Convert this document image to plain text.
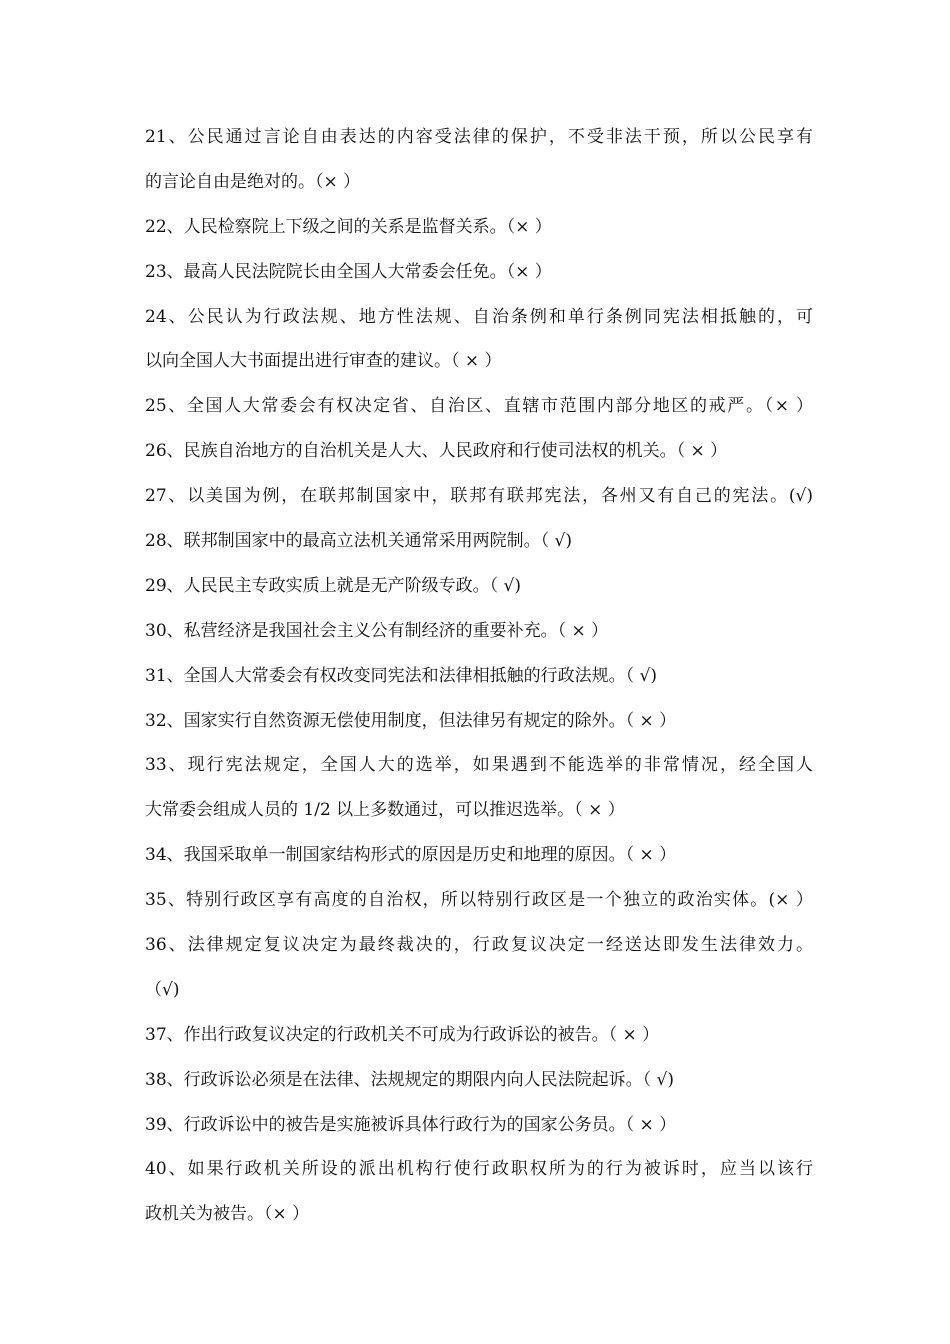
21、公民通过言论自由表达的内容受法律的保护，不受非法干预，所以公民享有
的言论自由是绝对的。（× ）
22、人民检察院上下级之间的关系是监督关系。（× ）
23、最高人民法院院长由全国人大常委会任免。（× ）
24、公民认为行政法规、地方性法规、自治条例和单行条例同宪法相抵触的，可
以向全国人大书面提出进行审查的建议。（ × ）
25、全国人大常委会有权决定省、自治区、直辖市范围内部分地区的戒严。（× ）
26、民族自治地方的自治机关是人大、人民政府和行使司法权的机关。（ × ）
27、以美国为例，在联邦制国家中，联邦有联邦宪法，各州又有自己的宪法。(√)
28、联邦制国家中的最高立法机关通常采用两院制。（ √)
29、人民民主专政实质上就是无产阶级专政。（ √)
30、私营经济是我国社会主义公有制经济的重要补充。（ × ）
31、全国人大常委会有权改变同宪法和法律相抵触的行政法规。（ √)
32、国家实行自然资源无偿使用制度，但法律另有规定的除外。（ × ）
33、现行宪法规定，全国人大的选举，如果遇到不能选举的非常情况，经全国人
大常委会组成人员的 1/2 以上多数通过，可以推迟选举。（ × ）
34、我国采取单一制国家结构形式的原因是历史和地理的原因。（ × ）
35、特别行政区享有高度的自治权，所以特别行政区是一个独立的政治实体。(× ）
36、法律规定复议决定为最终裁决的，行政复议决定一经送达即发生法律效力。
（√)
37、作出行政复议决定的行政机关不可成为行政诉讼的被告。（ × ）
38、行政诉讼必须是在法律、法规规定的期限内向人民法院起诉。（ √)
39、行政诉讼中的被告是实施被诉具体行政行为的国家公务员。（ × ）
40、如果行政机关所设的派出机构行使行政职权所为的行为被诉时，应当以该行
政机关为被告。（× ）
